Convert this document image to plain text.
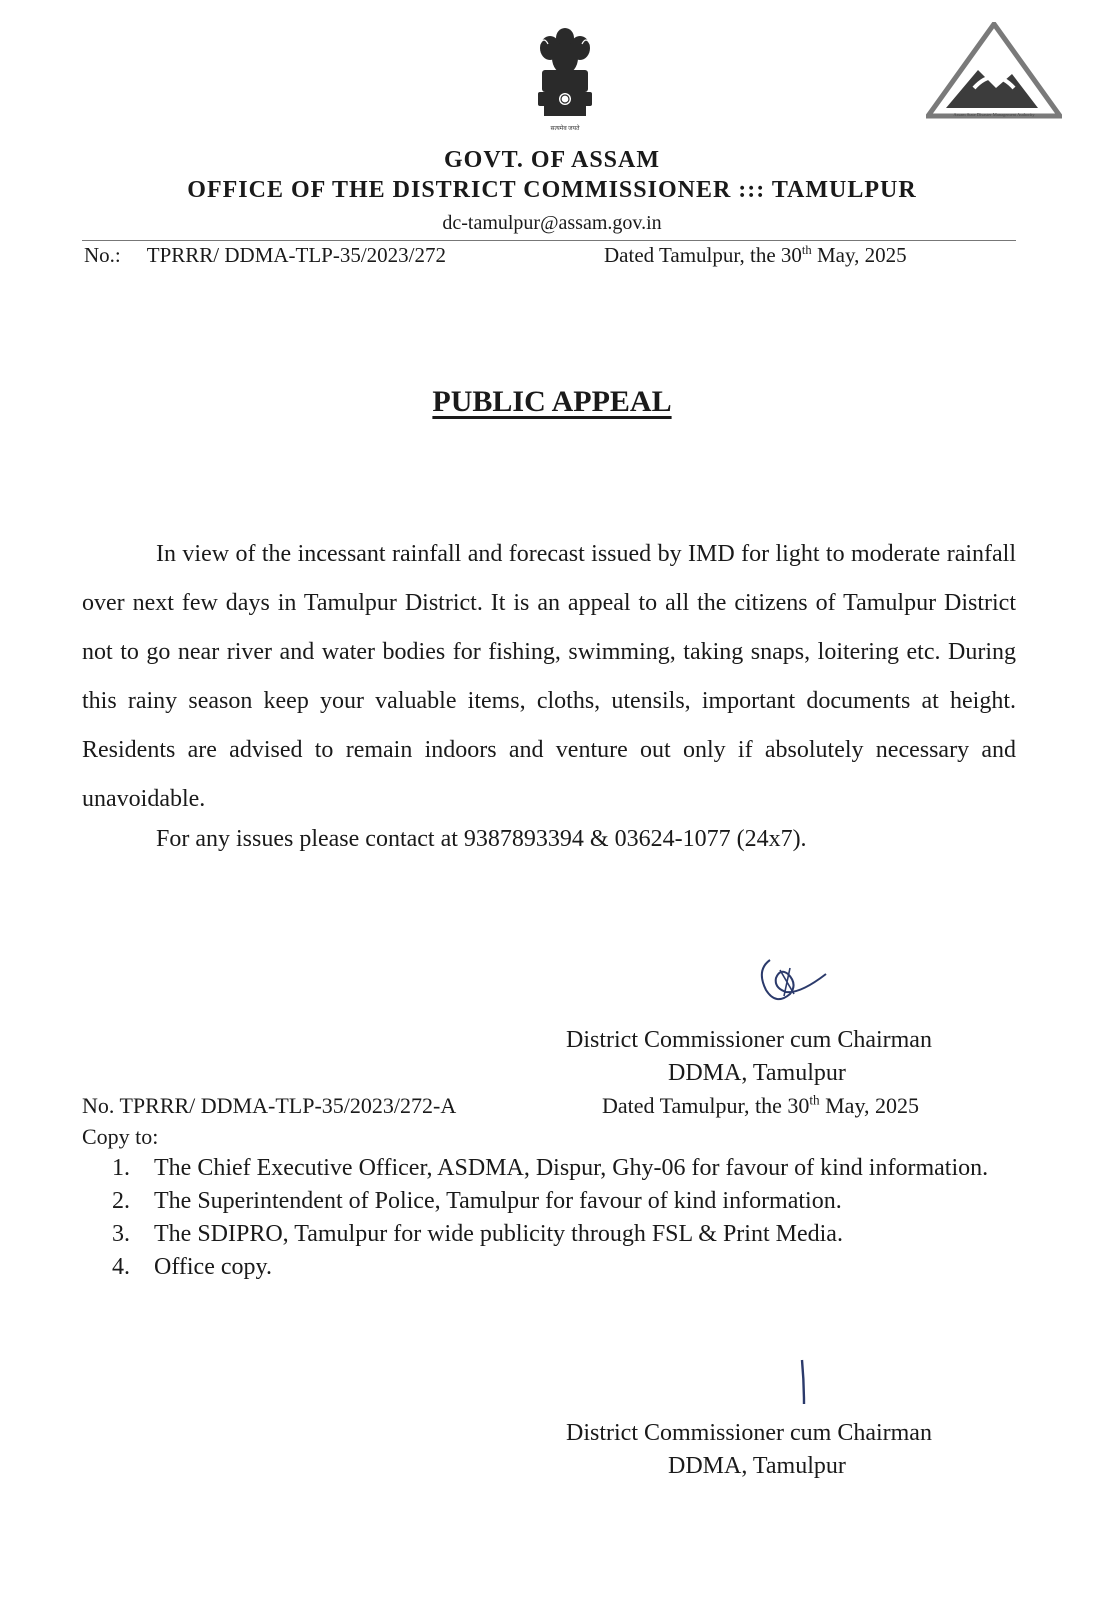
सत्यमेव जयते
Assam State Disaster Management Authority
GOVT. OF ASSAM
OFFICE OF THE DISTRICT COMMISSIONER ::: TAMULPUR
dc-tamulpur@assam.gov.in
No.: TPRRR/ DDMA-TLP-35/2023/272	Dated Tamulpur, the 30th May, 2025
PUBLIC APPEAL

In view of the incessant rainfall and forecast issued by IMD for light to moderate rainfall over next few days in Tamulpur District. It is an appeal to all the citizens of Tamulpur District not to go near river and water bodies for fishing, swimming, taking snaps, loitering etc. During this rainy season keep your valuable items, cloths, utensils, important documents at height. Residents are advised to remain indoors and venture out only if absolutely necessary and unavoidable.

For any issues please contact at 9387893394 & 03624-1077 (24x7).
District Commissioner cum Chairman
DDMA, Tamulpur
No. TPRRR/ DDMA-TLP-35/2023/272-A	Dated Tamulpur, the 30th May, 2025
Copy to:
1.	The Chief Executive Officer, ASDMA, Dispur, Ghy-06 for favour of kind information.
2.	The Superintendent of Police, Tamulpur for favour of kind information.
3.	The SDIPRO, Tamulpur for wide publicity through FSL & Print Media.
4.	Office copy.
District Commissioner cum Chairman
DDMA, Tamulpur
